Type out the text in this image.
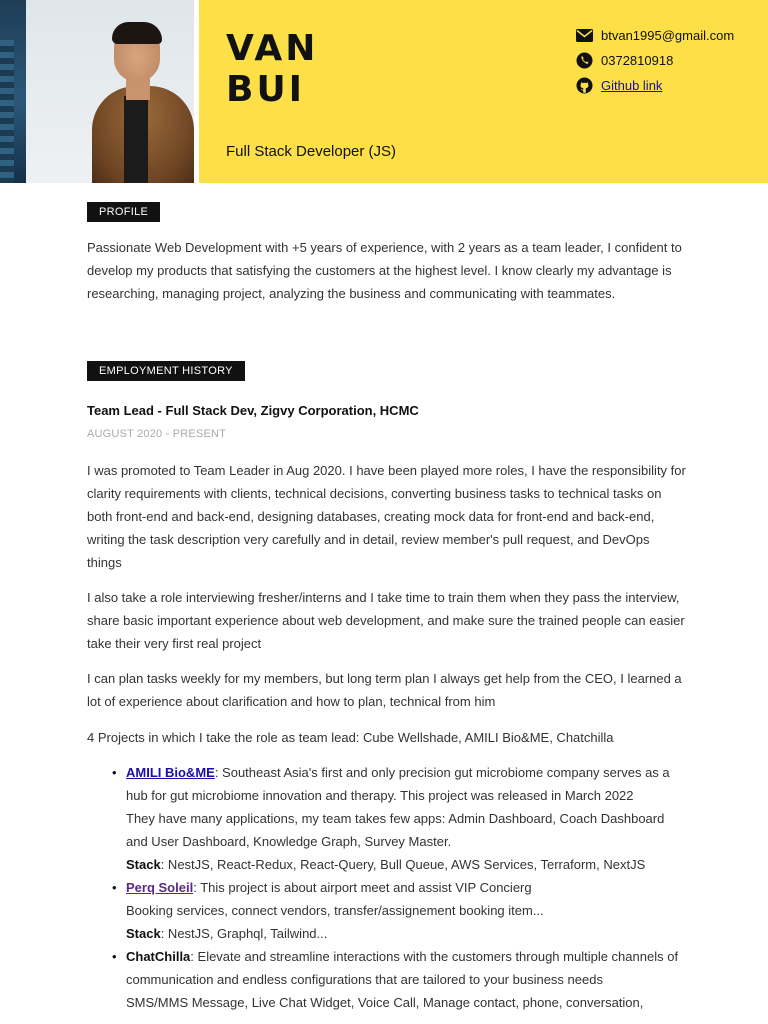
VAN
BUI
Full Stack Developer (JS)
btvan1995@gmail.com
0372810918
Github link
PROFILE
Passionate Web Development with +5 years of experience, with 2 years as a team leader, I confident to develop my products that satisfying the customers at the highest level. I know clearly my advantage is researching, managing project, analyzing the business and communicating with teammates.
EMPLOYMENT HISTORY
Team Lead - Full Stack Dev, Zigvy Corporation, HCMC
AUGUST 2020 - PRESENT
I was promoted to Team Leader in Aug 2020. I have been played more roles, I have the responsibility for clarity requirements with clients, technical decisions, converting business tasks to technical tasks on both front-end and back-end, designing databases, creating mock data for front-end and back-end, writing the task description very carefully and in detail, review member's pull request, and DevOps things
I also take a role interviewing fresher/interns and I take time to train them when they pass the interview, share basic important experience about web development, and make sure the trained people can easier take their very first real project
I can plan tasks weekly for my members, but long term plan I always get help from the CEO, I learned a lot of experience about clarification and how to plan, technical from him
4 Projects in which I take the role as team lead: Cube Wellshade, AMILI Bio&ME, Chatchilla
• AMILI Bio&ME: Southeast Asia's first and only precision gut microbiome company serves as a hub for gut microbiome innovation and therapy. This project was released in March 2022
They have many applications, my team takes few apps: Admin Dashboard, Coach Dashboard and User Dashboard, Knowledge Graph, Survey Master.
Stack: NestJS, React-Redux, React-Query, Bull Queue, AWS Services, Terraform, NextJS
• Perq Soleil: This project is about airport meet and assist VIP Concierg
Booking services, connect vendors, transfer/assignement booking item...
Stack: NestJS, Graphql, Tailwind...
• ChatChilla: Elevate and streamline interactions with the customers through multiple channels of communication and endless configurations that are tailored to your business needs
SMS/MMS Message, Live Chat Widget, Voice Call, Manage contact, phone, conversation,
